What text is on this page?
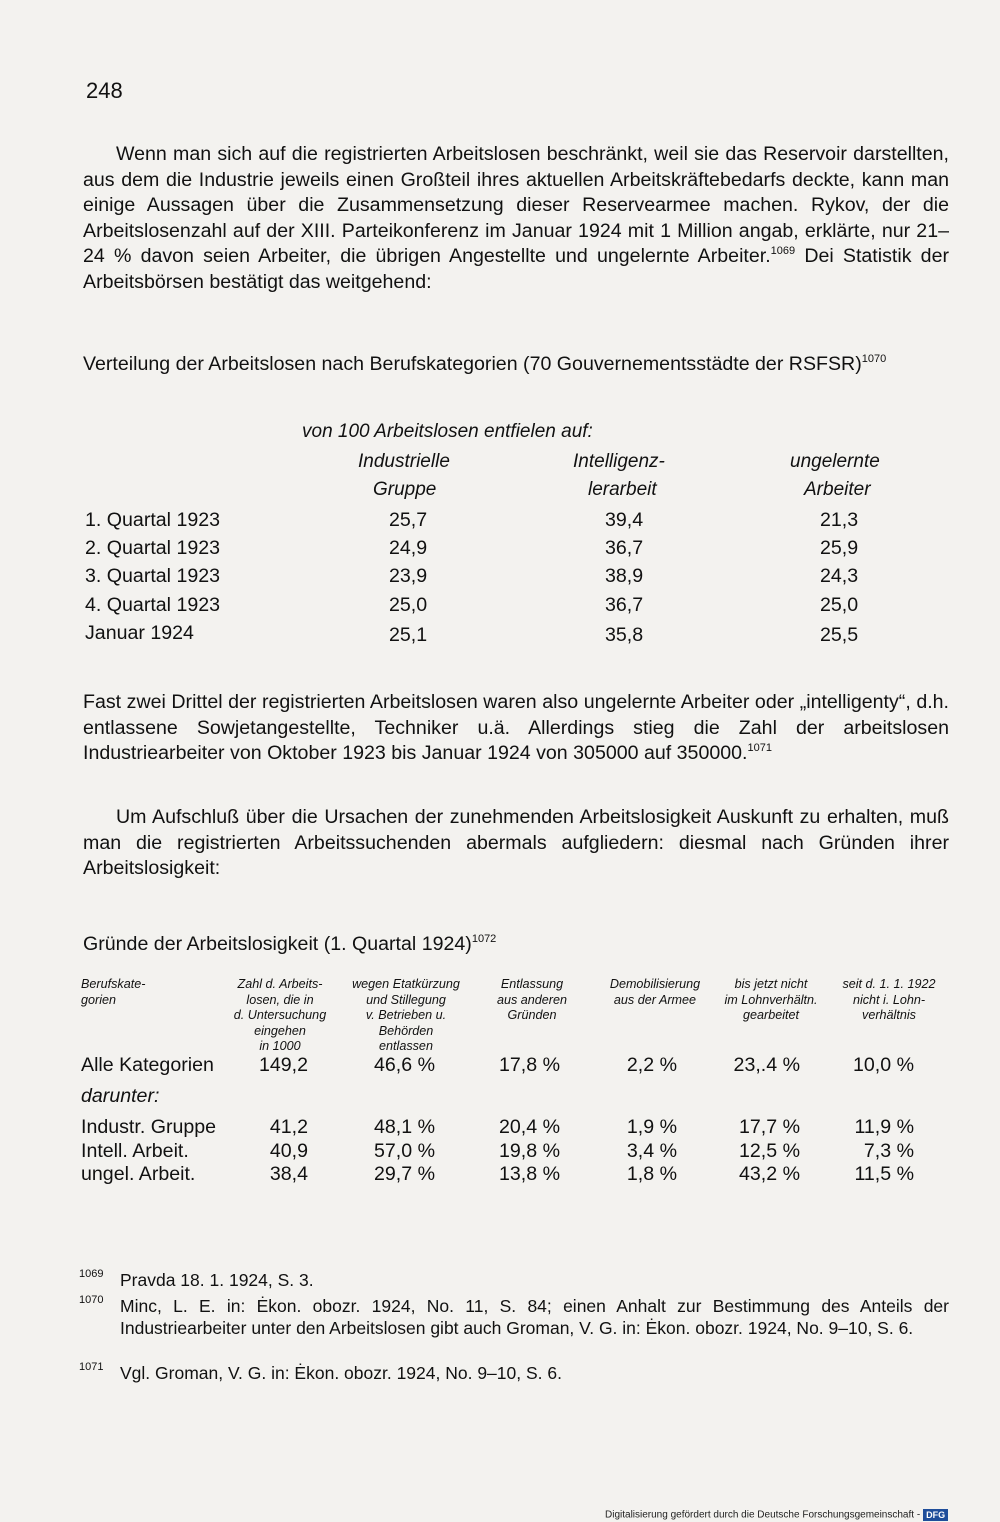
248

Wenn man sich auf die registrierten Arbeitslosen beschränkt, weil sie das Reservoir darstellten, aus dem die Industrie jeweils einen Großteil ihres aktuellen Arbeitskräftebedarfs deckte, kann man einige Aussagen über die Zusammensetzung dieser Reservearmee machen. Rykov, der die Arbeitslosenzahl auf der XIII. Parteikonferenz im Januar 1924 mit 1 Million angab, erklärte, nur 21–24 % davon seien Arbeiter, die übrigen Angestellte und ungelernte Arbeiter.$^{1069}$ Dei Statistik der Arbeitsbörsen bestätigt das weitgehend:

Verteilung der Arbeitslosen nach Berufskategorien (70 Gouvernementsstädte der RSFSR)$^{1070}$

von 100 Arbeitslosen entfielen auf:
Industrielle
Gruppe
Intelligenz-
lerarbeit
ungelernte
Arbeiter
1. Quartal 1923	25,7	39,4	21,3
2. Quartal 1923	24,9	36,7	25,9
3. Quartal 1923	23,9	38,9	24,3
4. Quartal 1923	25,0	36,7	25,0
Januar 1924	25,1	35,8	25,5

Fast zwei Drittel der registrierten Arbeitslosen waren also ungelernte Arbeiter oder „intelligenty“, d.h. entlassene Sowjetangestellte, Techniker u.ä. Allerdings stieg die Zahl der arbeitslosen Industriearbeiter von Oktober 1923 bis Januar 1924 von 305000 auf 350000.$^{1071}$

Um Aufschluß über die Ursachen der zunehmenden Arbeitslosigkeit Auskunft zu erhalten, muß man die registrierten Arbeitssuchenden abermals aufgliedern: diesmal nach Gründen ihrer Arbeitslosigkeit:

Gründe der Arbeitslosigkeit (1. Quartal 1924)$^{1072}$

Berufskate-
gorien
Zahl d. Arbeits-
losen, die in
d. Untersuchung
eingehen
in 1000
wegen Etatkürzung
und Stillegung
v. Betrieben u.
Behörden
entlassen
Entlassung
aus anderen
Gründen
Demobilisierung
aus der Armee
bis jetzt nicht
im Lohnverhältn.
gearbeitet
seit d. 1. 1. 1922
nicht i. Lohn-
verhältnis
Alle Kategorien	149,2	46,6 %	17,8 %	2,2 %	23,.4 %	10,0 %
darunter:
Industr. Gruppe	41,2	48,1 %	20,4 %	1,9 %	17,7 %	11,9 %
Intell. Arbeit.	40,9	57,0 %	19,8 %	3,4 %	12,5 %	7,3 %
ungel. Arbeit.	38,4	29,7 %	13,8 %	1,8 %	43,2 %	11,5 %
1069 Pravda 18. 1. 1924, S. 3.
1070 Minc, L. E. in: Ėkon. obozr. 1924, No. 11, S. 84; einen Anhalt zur Bestimmung des Anteils der Industriearbeiter unter den Arbeitslosen gibt auch Groman, V. G. in: Ėkon. obozr. 1924, No. 9–10, S. 6.
1071 Vgl. Groman, V. G. in: Ėkon. obozr. 1924, No. 9–10, S. 6.
Digitalisierung gefördert durch die Deutsche Forschungsgemeinschaft - DFG
